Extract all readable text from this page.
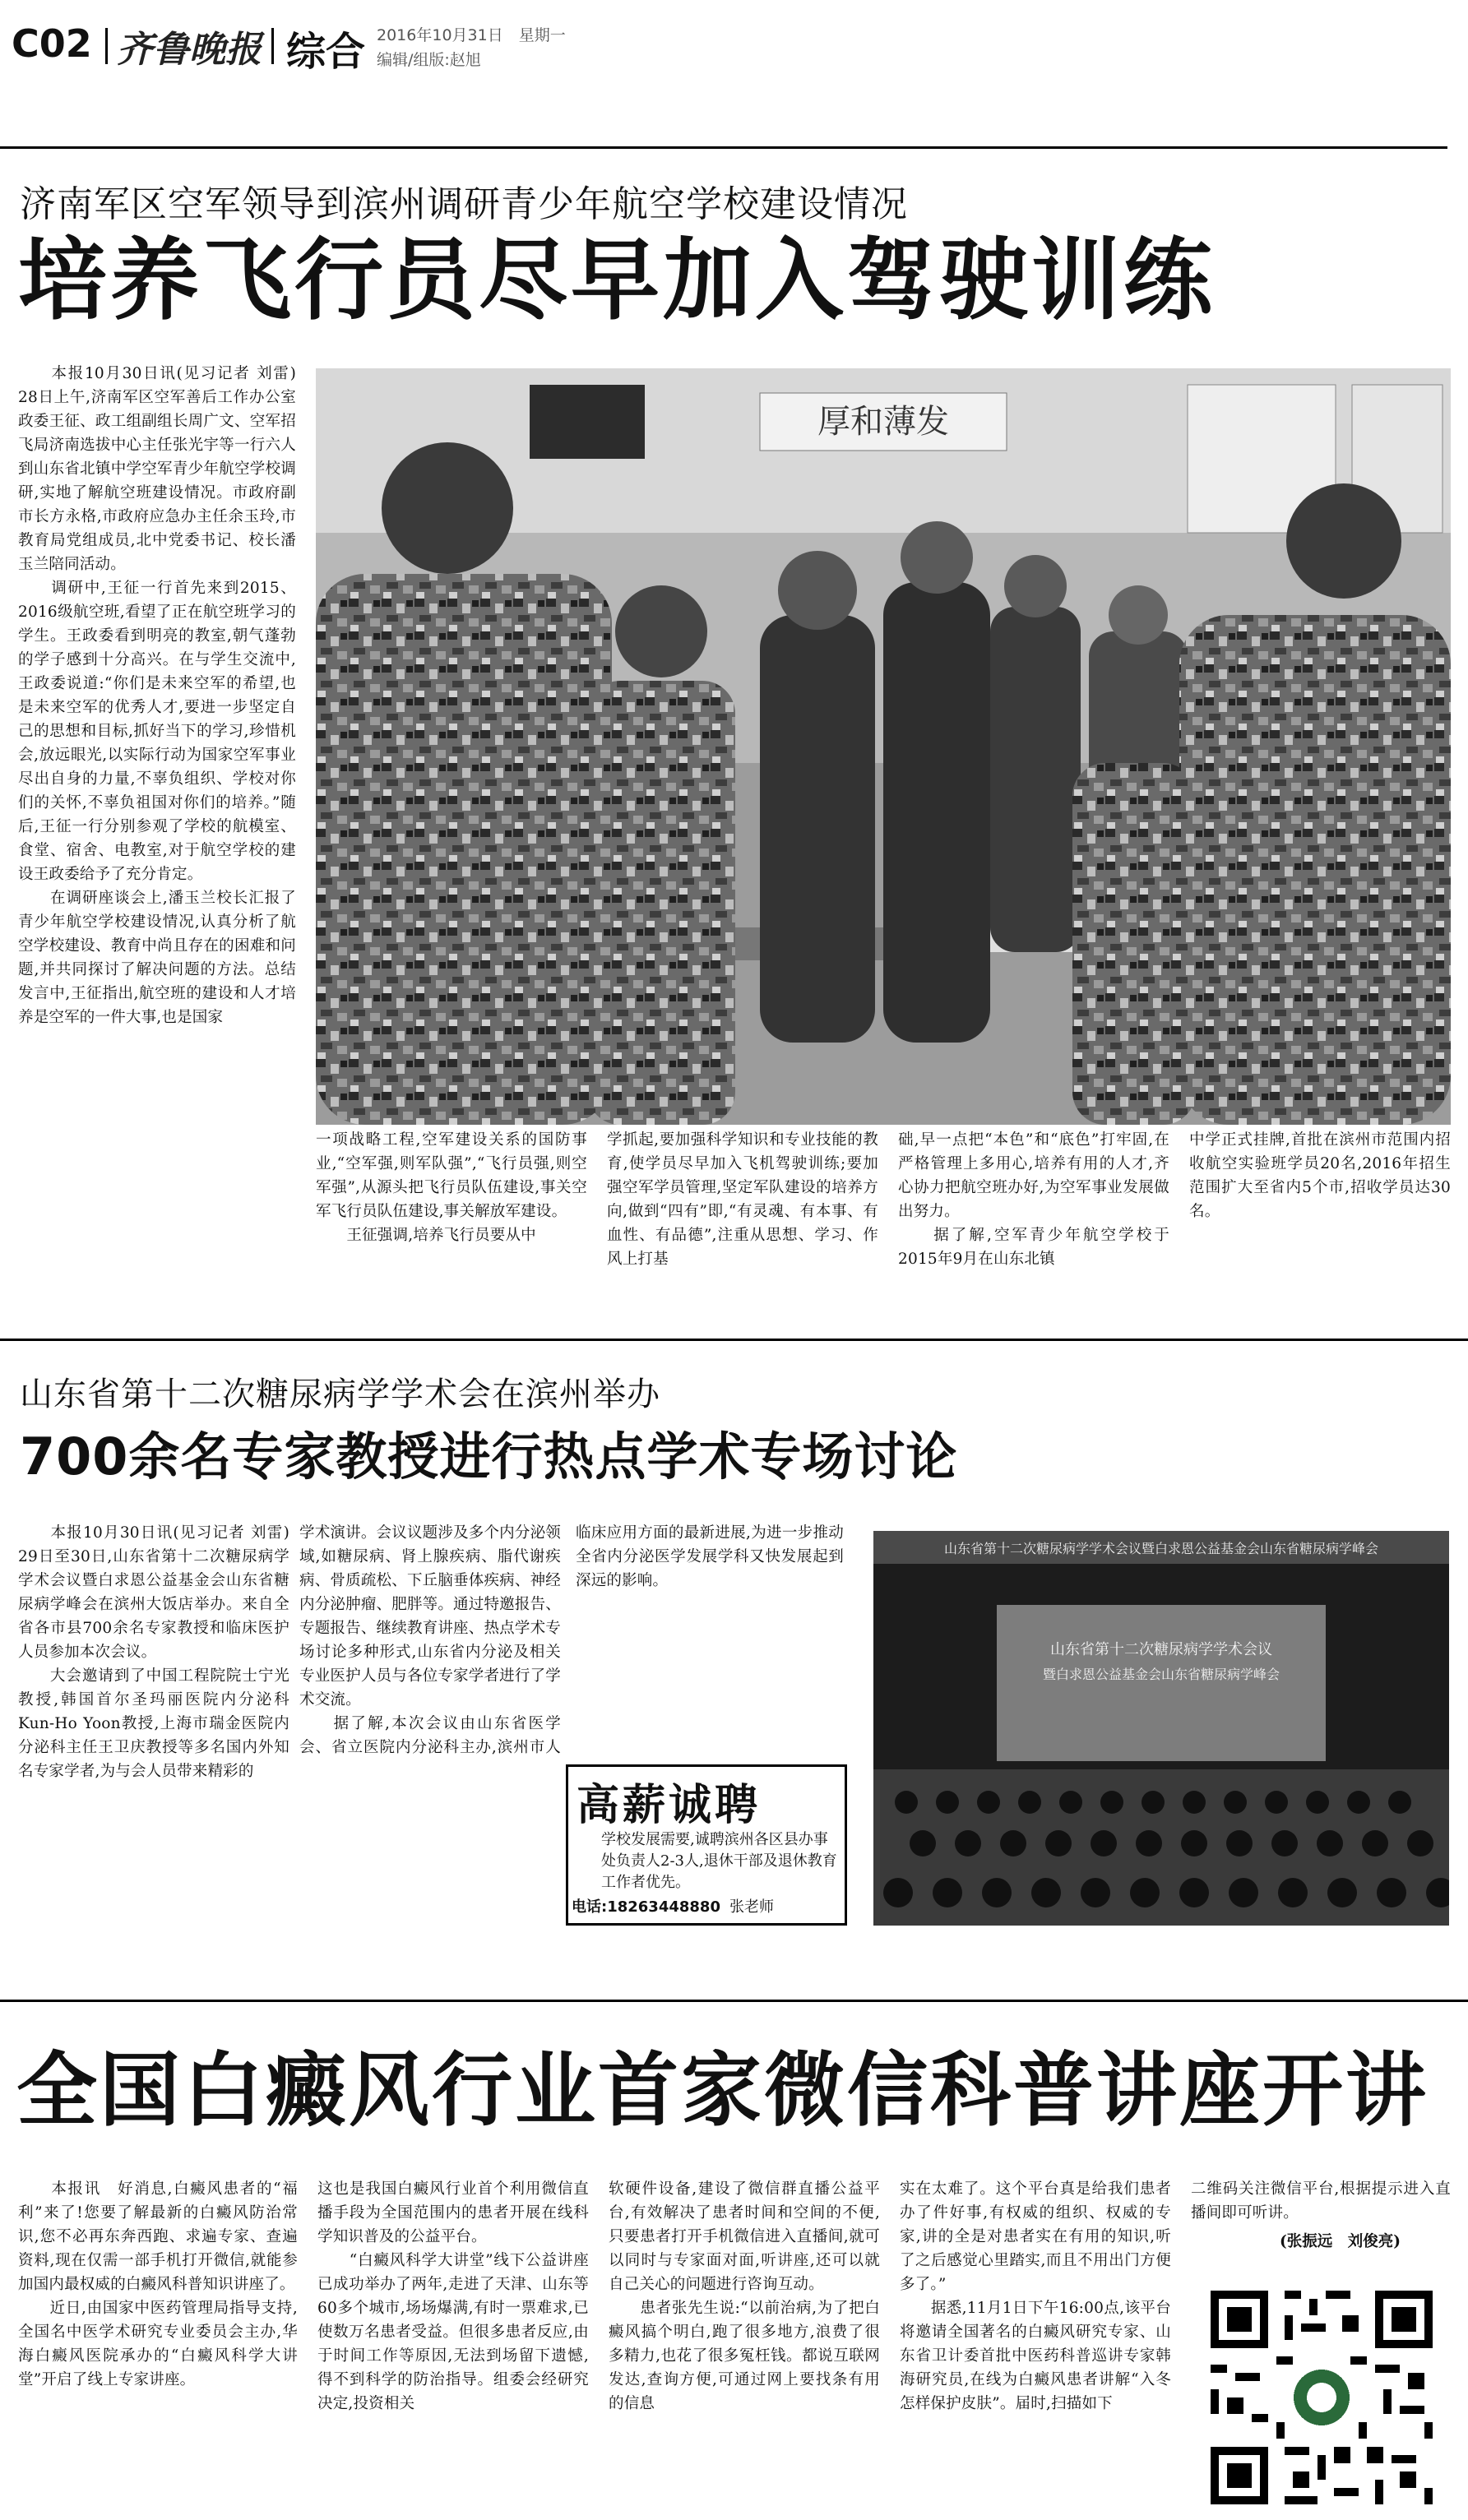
C02 齐鲁晚报 综合 2016年10月31日　星期一
编辑/组版:赵旭
济南军区空军领导到滨州调研青少年航空学校建设情况
培养飞行员尽早加入驾驶训练
　　本报10月30日讯(见习记者 刘雷)　28日上午,济南军区空军善后工作办公室政委王征、政工组副组长周广文、空军招飞局济南选拔中心主任张光宇等一行六人到山东省北镇中学空军青少年航空学校调研,实地了解航空班建设情况。市政府副市长方永格,市政府应急办主任余玉玲,市教育局党组成员,北中党委书记、校长潘玉兰陪同活动。
　　调研中,王征一行首先来到2015、2016级航空班,看望了正在航空班学习的学生。王政委看到明亮的教室,朝气蓬勃的学子感到十分高兴。在与学生交流中,王政委说道:“你们是未来空军的希望,也是未来空军的优秀人才,要进一步坚定自己的思想和目标,抓好当下的学习,珍惜机会,放远眼光,以实际行动为国家空军事业尽出自身的力量,不辜负组织、学校对你们的关怀,不辜负祖国对你们的培养。”随后,王征一行分别参观了学校的航模室、食堂、宿舍、电教室,对于航空学校的建设王政委给予了充分肯定。
　　在调研座谈会上,潘玉兰校长汇报了青少年航空学校建设情况,认真分析了航空学校建设、教育中尚且存在的困难和问题,并共同探讨了解决问题的方法。总结发言中,王征指出,航空班的建设和人才培养是空军的一件大事,也是国家
厚和薄发
一项战略工程,空军建设关系的国防事业,“空军强,则军队强”,“飞行员强,则空军强”,从源头把飞行员队伍建设,事关空军飞行员队伍建设,事关解放军建设。
　　王征强调,培养飞行员要从中
学抓起,要加强科学知识和专业技能的教育,使学员尽早加入飞机驾驶训练;要加强空军学员管理,坚定军队建设的培养方向,做到“四有”即,“有灵魂、有本事、有血性、有品德”,注重从思想、学习、作风上打基
础,早一点把“本色”和“底色”打牢固,在严格管理上多用心,培养有用的人才,齐心协力把航空班办好,为空军事业发展做出努力。
　　据了解,空军青少年航空学校于2015年9月在山东北镇
中学正式挂牌,首批在滨州市范围内招收航空实验班学员20名,2016年招生范围扩大至省内5个市,招收学员达30名。
山东省第十二次糖尿病学学术会在滨州举办
700余名专家教授进行热点学术专场讨论
　　本报10月30日讯(见习记者 刘雷)　29日至30日,山东省第十二次糖尿病学学术会议暨白求恩公益基金会山东省糖尿病学峰会在滨州大饭店举办。来自全省各市县700余名专家教授和临床医护人员参加本次会议。
　　大会邀请到了中国工程院院士宁光教授,韩国首尔圣玛丽医院内分泌科Kun-Ho Yoon教授,上海市瑞金医院内分泌科主任王卫庆教授等多名国内外知名专家学者,为与会人员带来精彩的
学术演讲。会议议题涉及多个内分泌领域,如糖尿病、肾上腺疾病、脂代谢疾病、骨质疏松、下丘脑垂体疾病、神经内分泌肿瘤、肥胖等。通过特邀报告、专题报告、继续教育讲座、热点学术专场讨论多种形式,山东省内分泌及相关专业医护人员与各位专家学者进行了学术交流。
　　据了解,本次会议由山东省医学会、省立医院内分泌科主办,滨州市人
临床应用方面的最新进展,为进一步推动全省内分泌医学发展学科又快发展起到深远的影响。
山东省第十二次糖尿病学学术会议暨白求恩公益基金会山东省糖尿病学峰会
山东省第十二次糖尿病学学术会议
暨白求恩公益基金会山东省糖尿病学峰会
高薪诚聘
学校发展需要,诚聘滨州各区县办事处负责人2-3人,退休干部及退休教育工作者优先。
电话:18263448880 张老师
全国白癜风行业首家微信科普讲座开讲
　　本报讯　好消息,白癜风患者的“福利”来了!您要了解最新的白癜风防治常识,您不必再东奔西跑、求遍专家、查遍资料,现在仅需一部手机打开微信,就能参加国内最权威的白癜风科普知识讲座了。
　　近日,由国家中医药管理局指导支持,全国名中医学术研究专业委员会主办,华海白癜风医院承办的“白癜风科学大讲堂”开启了线上专家讲座。
这也是我国白癜风行业首个利用微信直播手段为全国范围内的患者开展在线科学知识普及的公益平台。
　　“白癜风科学大讲堂”线下公益讲座已成功举办了两年,走进了天津、山东等60多个城市,场场爆满,有时一票难求,已使数万名患者受益。但很多患者反应,由于时间工作等原因,无法到场留下遗憾,得不到科学的防治指导。组委会经研究决定,投资相关
软硬件设备,建设了微信群直播公益平台,有效解决了患者时间和空间的不便,只要患者打开手机微信进入直播间,就可以同时与专家面对面,听讲座,还可以就自己关心的问题进行咨询互动。
　　患者张先生说:“以前治病,为了把白癜风搞个明白,跑了很多地方,浪费了很多精力,也花了很多冤枉钱。都说互联网发达,查询方便,可通过网上要找条有用的信息
实在太难了。这个平台真是给我们患者办了件好事,有权威的组织、权威的专家,讲的全是对患者实在有用的知识,听了之后感觉心里踏实,而且不用出门方便多了。”
　　据悉,11月1日下午16:00点,该平台将邀请全国著名的白癜风研究专家、山东省卫计委首批中医药科普巡讲专家韩海研究员,在线为白癜风患者讲解“入冬怎样保护皮肤”。届时,扫描如下
二维码关注微信平台,根据提示进入直播间即可听讲。
(张振远　刘俊亮)
